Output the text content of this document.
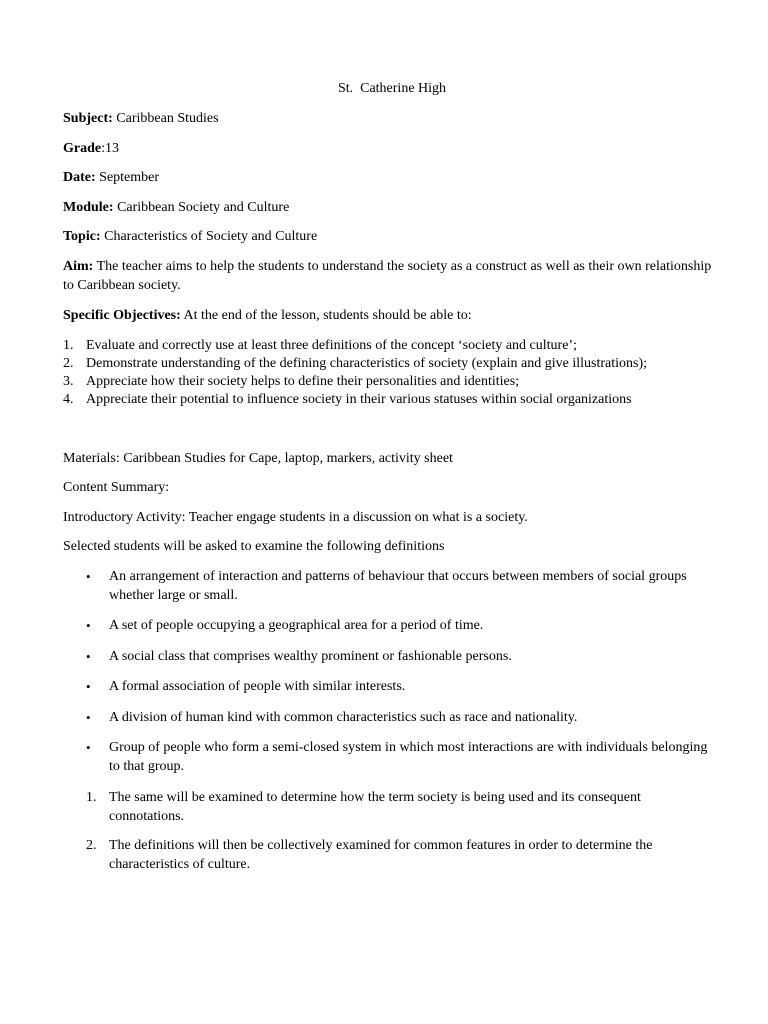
St.  Catherine High
Subject: Caribbean Studies
Grade:13
Date: September
Module: Caribbean Society and Culture
Topic: Characteristics of Society and Culture
Aim: The teacher aims to help the students to understand the society as a construct as well as their own relationship to Caribbean society.
Specific Objectives: At the end of the lesson, students should be able to:
1. Evaluate and correctly use at least three definitions of the concept ‘society and culture’;
2. Demonstrate understanding of the defining characteristics of society (explain and give illustrations);
3. Appreciate how their society helps to define their personalities and identities;
4. Appreciate their potential to influence society in their various statuses within social organizations
Materials: Caribbean Studies for Cape, laptop, markers, activity sheet
Content Summary:
Introductory Activity: Teacher engage students in a discussion on what is a society.
Selected students will be asked to examine the following definitions
• An arrangement of interaction and patterns of behaviour that occurs between members of social groups whether large or small.
• A set of people occupying a geographical area for a period of time.
• A social class that comprises wealthy prominent or fashionable persons.
• A formal association of people with similar interests.
• A division of human kind with common characteristics such as race and nationality.
• Group of people who form a semi-closed system in which most interactions are with individuals belonging to that group.
1. The same will be examined to determine how the term society is being used and its consequent connotations.
2. The definitions will then be collectively examined for common features in order to determine the characteristics of culture.
